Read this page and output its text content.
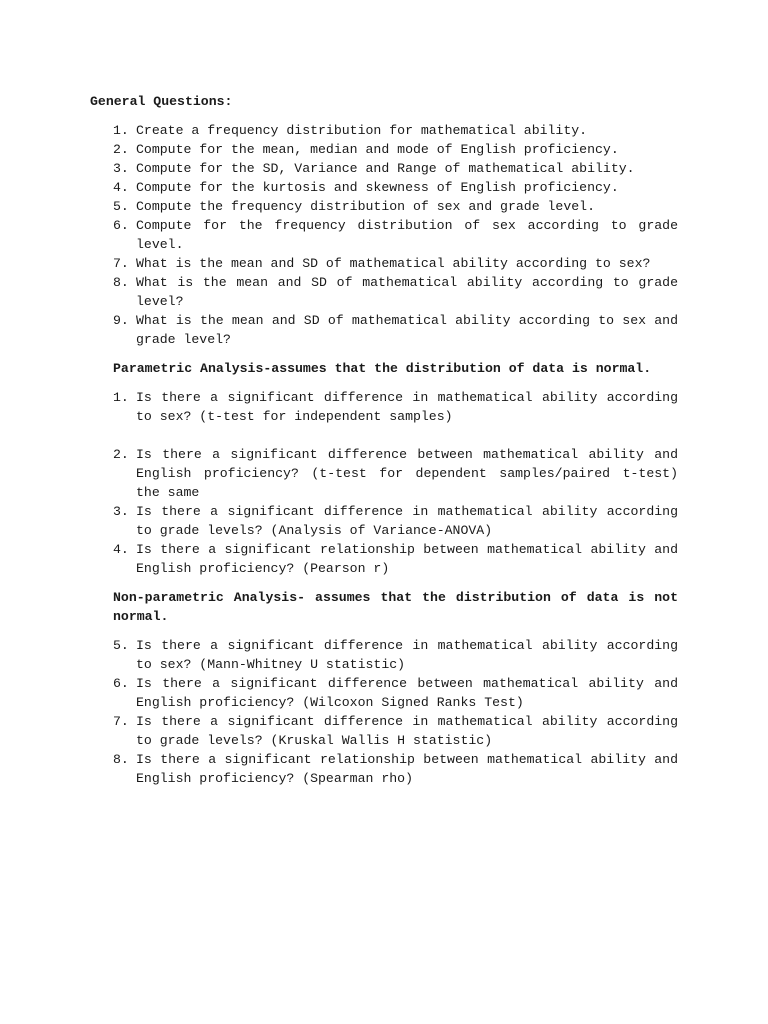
General Questions:

1. Create a frequency distribution for mathematical ability.
2. Compute for the mean, median and mode of English proficiency.
3. Compute for the SD, Variance and Range of mathematical ability.
4. Compute for the kurtosis and skewness of English proficiency.
5. Compute the frequency distribution of sex and grade level.
6. Compute for the frequency distribution of sex according to grade level.
7. What is the mean and SD of mathematical ability according to sex?
8. What is the mean and SD of mathematical ability according to grade level?
9. What is the mean and SD of mathematical ability according to sex and grade level?

Parametric Analysis-assumes that the distribution of data is normal.

1. Is there a significant difference in mathematical ability according to sex? (t-test for independent samples)
2. Is there a significant difference between mathematical ability and English proficiency? (t-test for dependent samples/paired t-test) the same
3. Is there a significant difference in mathematical ability according to grade levels? (Analysis of Variance-ANOVA)
4. Is there a significant relationship between mathematical ability and English proficiency? (Pearson r)

Non-parametric Analysis- assumes that the distribution of data is not normal.

5. Is there a significant difference in mathematical ability according to sex? (Mann-Whitney U statistic)
6. Is there a significant difference between mathematical ability and English proficiency? (Wilcoxon Signed Ranks Test)
7. Is there a significant difference in mathematical ability according to grade levels? (Kruskal Wallis H statistic)
8. Is there a significant relationship between mathematical ability and English proficiency? (Spearman rho)
